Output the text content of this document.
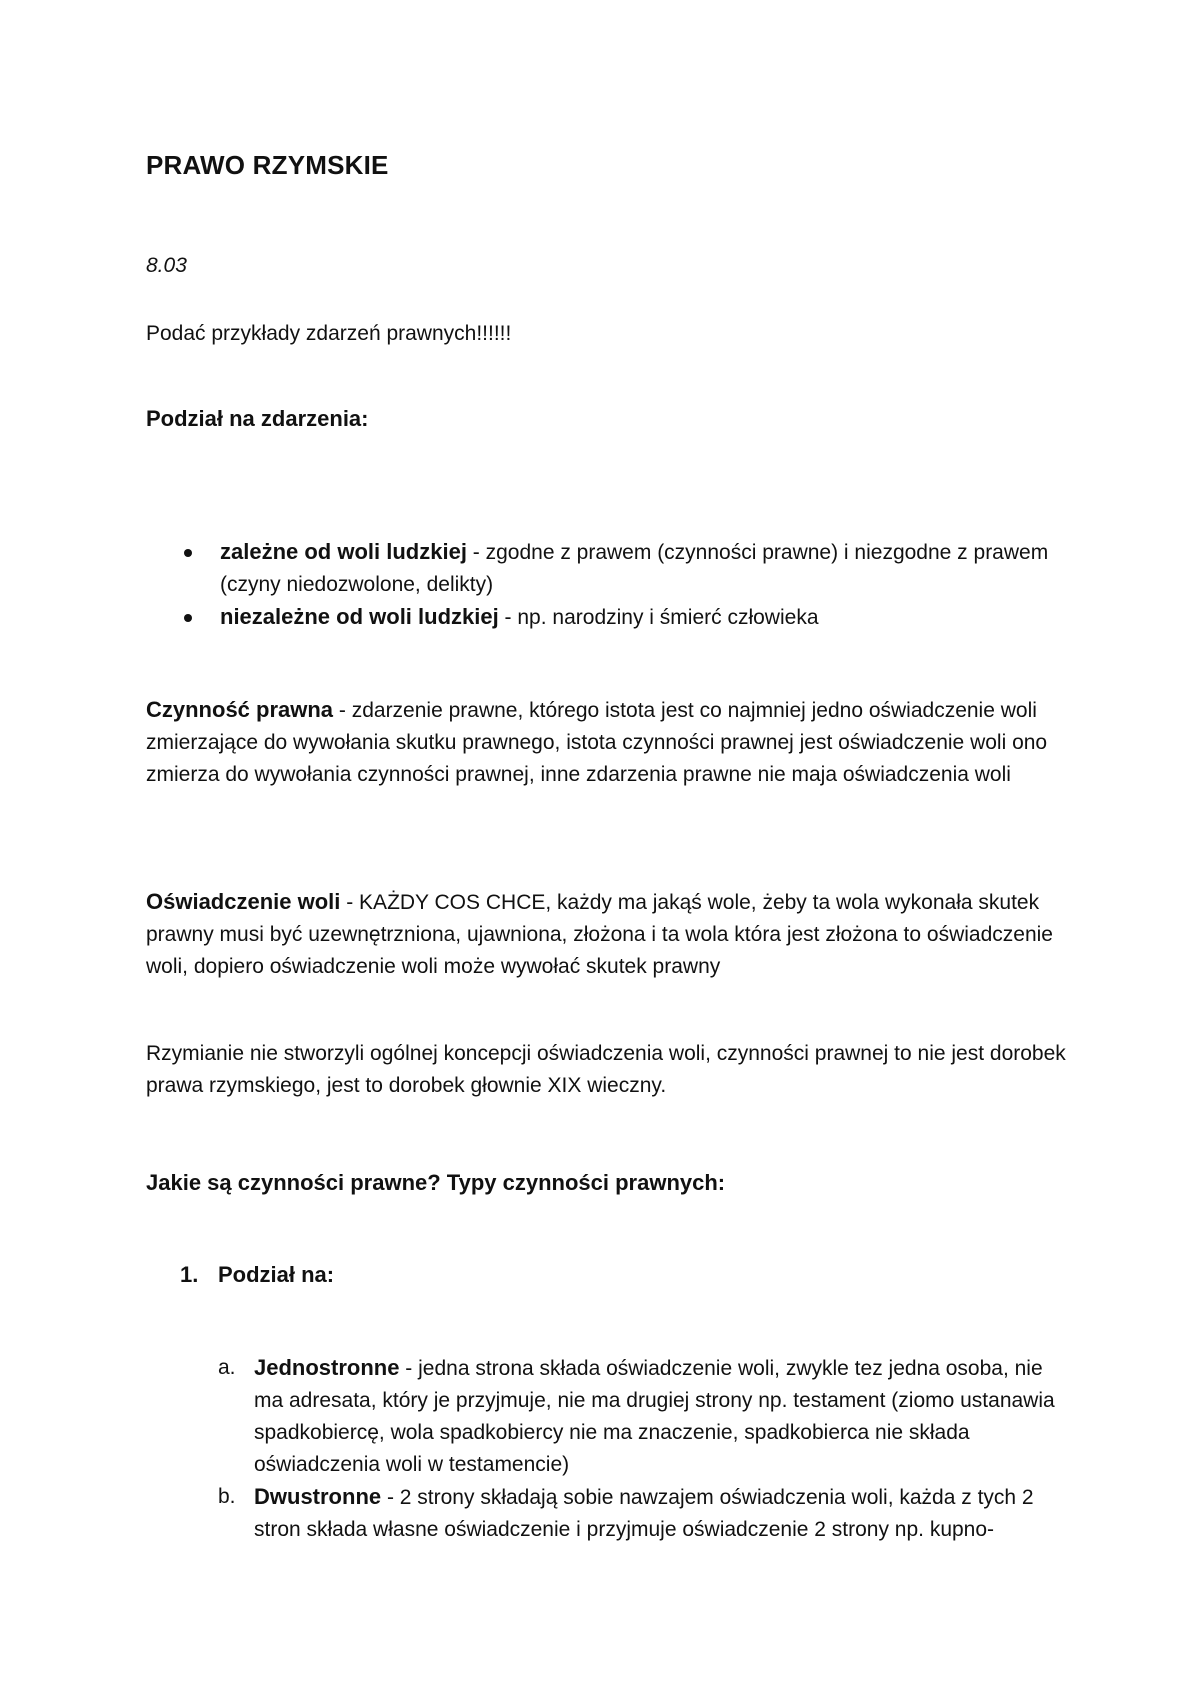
PRAWO RZYMSKIE
8.03
Podać przykłady zdarzeń prawnych!!!!!!
Podział na zdarzenia:
zależne od woli ludzkiej - zgodne z prawem (czynności prawne) i niezgodne z prawem (czyny niedozwolone, delikty)
niezależne od woli ludzkiej - np. narodziny i śmierć człowieka
Czynność prawna - zdarzenie prawne, którego istota jest co najmniej jedno oświadczenie woli zmierzające do wywołania skutku prawnego, istota czynności prawnej jest oświadczenie woli ono zmierza do wywołania czynności prawnej, inne zdarzenia prawne nie maja oświadczenia woli
Oświadczenie woli - KAŻDY COS CHCE, każdy ma jakąś wole, żeby ta wola wykonała skutek prawny musi być uzewnętrzniona, ujawniona, złożona i ta wola która jest złożona to oświadczenie woli, dopiero oświadczenie woli może wywołać skutek prawny
Rzymianie nie stworzyli ogólnej koncepcji oświadczenia woli, czynności prawnej to nie jest dorobek prawa rzymskiego, jest to dorobek głownie XIX wieczny.
Jakie są czynności prawne? Typy czynności prawnych:
1. Podział na:
a. Jednostronne - jedna strona składa oświadczenie woli, zwykle tez jedna osoba, nie ma adresata, który je przyjmuje, nie ma drugiej strony np. testament (ziomo ustanawia spadkobiercę, wola spadkobiercy nie ma znaczenie, spadkobierca nie składa oświadczenia woli w testamencie)
b. Dwustronne - 2 strony składają sobie nawzajem oświadczenia woli, każda z tych 2 stron składa własne oświadczenie i przyjmuje oświadczenie 2 strony np. kupno-
